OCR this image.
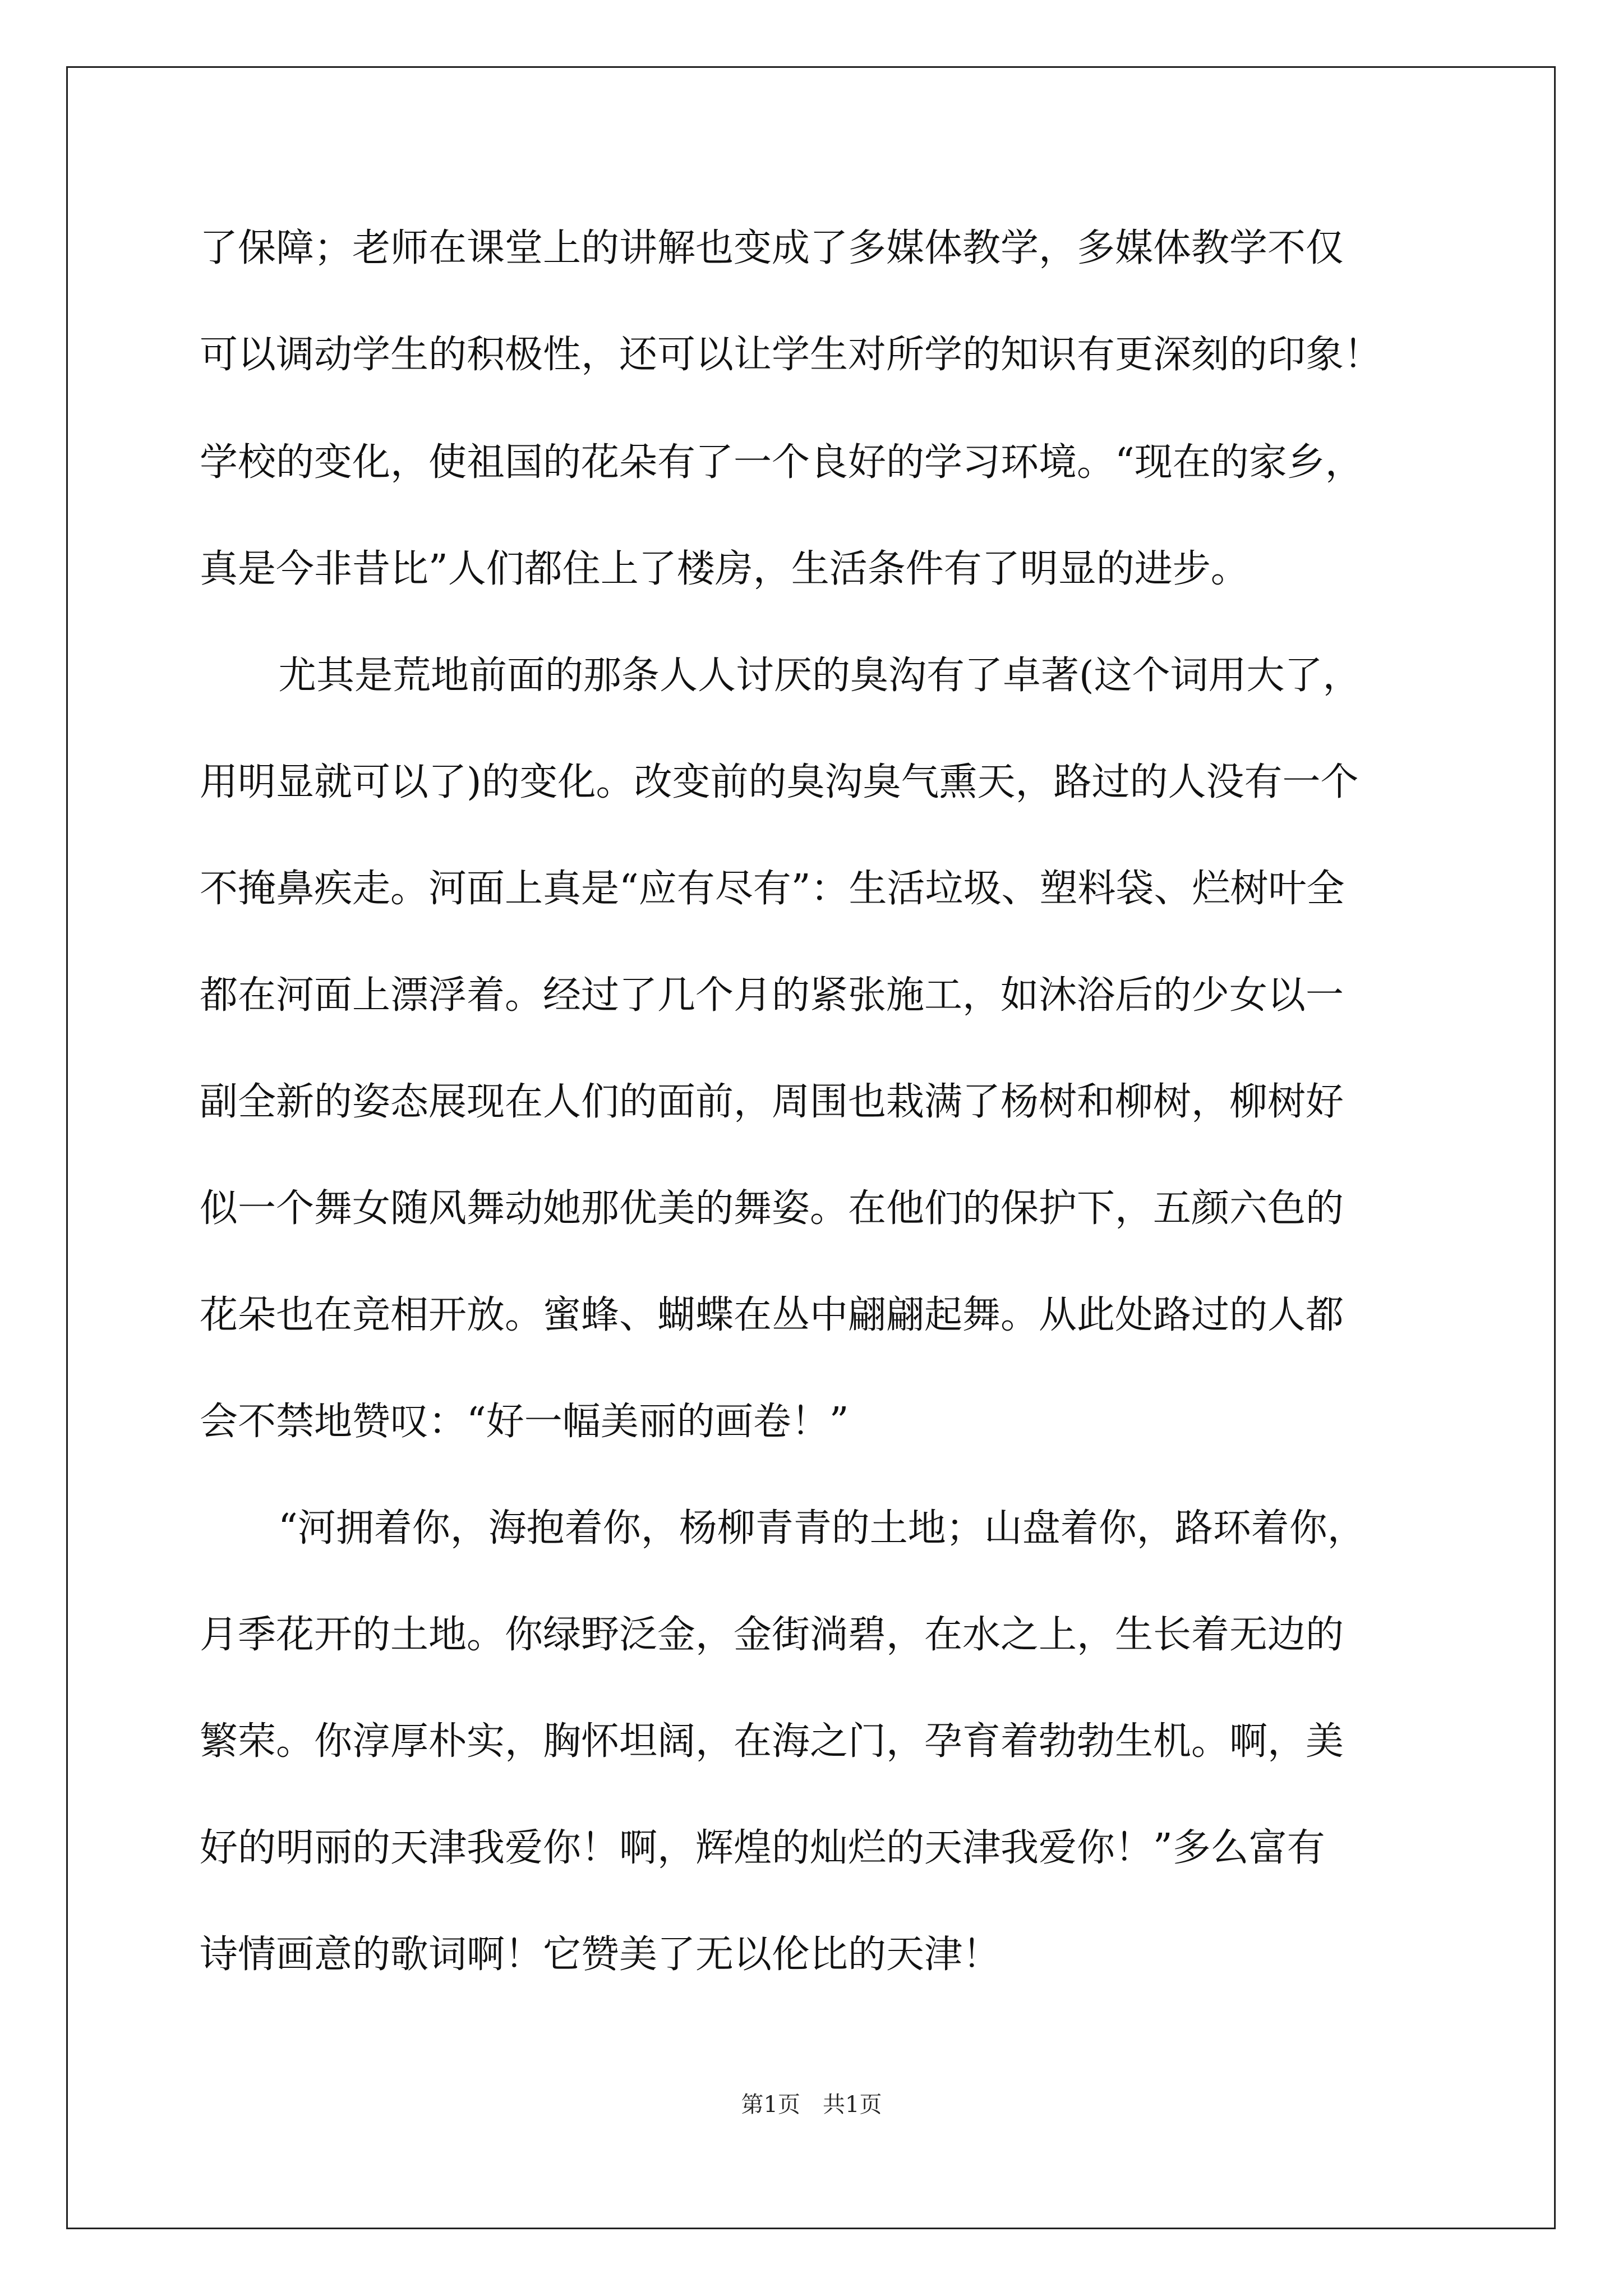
了保障；老师在课堂上的讲解也变成了多媒体教学，多媒体教学不仅
可以调动学生的积极性，还可以让学生对所学的知识有更深刻的印象！
学校的变化，使祖国的花朵有了一个良好的学习环境。“现在的家乡，
真是今非昔比”人们都住上了楼房，生活条件有了明显的进步。
尤其是荒地前面的那条人人讨厌的臭沟有了卓著(这个词用大了，
用明显就可以了)的变化。改变前的臭沟臭气熏天，路过的人没有一个
不掩鼻疾走。河面上真是“应有尽有”：生活垃圾、塑料袋、烂树叶全
都在河面上漂浮着。经过了几个月的紧张施工，如沐浴后的少女以一
副全新的姿态展现在人们的面前，周围也栽满了杨树和柳树，柳树好
似一个舞女随风舞动她那优美的舞姿。在他们的保护下，五颜六色的
花朵也在竞相开放。蜜蜂、蝴蝶在丛中翩翩起舞。从此处路过的人都
会不禁地赞叹：“好一幅美丽的画卷！”
“河拥着你，海抱着你，杨柳青青的土地；山盘着你，路环着你，
月季花开的土地。你绿野泛金，金街淌碧，在水之上，生长着无边的
繁荣。你淳厚朴实，胸怀坦阔，在海之门，孕育着勃勃生机。啊，美
好的明丽的天津我爱你！啊，辉煌的灿烂的天津我爱你！”多么富有
诗情画意的歌词啊！它赞美了无以伦比的天津！
第1页　共1页
